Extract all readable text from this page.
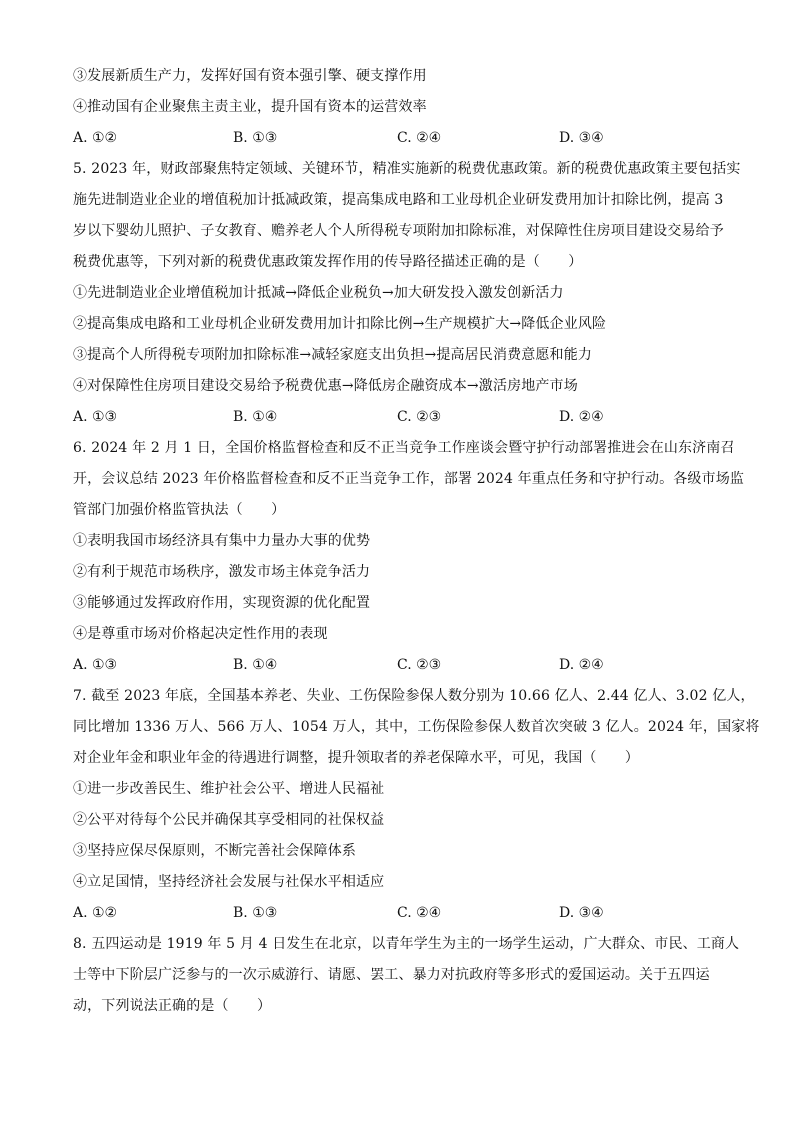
③发展新质生产力，发挥好国有资本强引擎、硬支撑作用
④推动国有企业聚焦主责主业，提升国有资本的运营效率
A. ①②	B. ①③	C. ②④	D. ③④
5. 2023 年，财政部聚焦特定领域、关键环节，精准实施新的税费优惠政策。新的税费优惠政策主要包括实
施先进制造业企业的增值税加计抵减政策，提高集成电路和工业母机企业研发费用加计扣除比例，提高 3
岁以下婴幼儿照护、子女教育、赡养老人个人所得税专项附加扣除标准，对保障性住房项目建设交易给予
税费优惠等，下列对新的税费优惠政策发挥作用的传导路径描述正确的是（　　）
①先进制造业企业增值税加计抵减→降低企业税负→加大研发投入激发创新活力
②提高集成电路和工业母机企业研发费用加计扣除比例→生产规模扩大→降低企业风险
③提高个人所得税专项附加扣除标准→减轻家庭支出负担→提高居民消费意愿和能力
④对保障性住房项目建设交易给予税费优惠→降低房企融资成本→激活房地产市场
A. ①③	B. ①④	C. ②③	D. ②④
6. 2024 年 2 月 1 日，全国价格监督检查和反不正当竞争工作座谈会暨守护行动部署推进会在山东济南召
开，会议总结 2023 年价格监督检查和反不正当竞争工作，部署 2024 年重点任务和守护行动。各级市场监
管部门加强价格监管执法（　　）
①表明我国市场经济具有集中力量办大事的优势
②有利于规范市场秩序，激发市场主体竞争活力
③能够通过发挥政府作用，实现资源的优化配置
④是尊重市场对价格起决定性作用的表现
A. ①③	B. ①④	C. ②③	D. ②④
7. 截至 2023 年底，全国基本养老、失业、工伤保险参保人数分别为 10.66 亿人、2.44 亿人、3.02 亿人，
同比增加 1336 万人、566 万人、1054 万人，其中，工伤保险参保人数首次突破 3 亿人。2024 年，国家将
对企业年金和职业年金的待遇进行调整，提升领取者的养老保障水平，可见，我国（　　）
①进一步改善民生、维护社会公平、增进人民福祉
②公平对待每个公民并确保其享受相同的社保权益
③坚持应保尽保原则，不断完善社会保障体系
④立足国情，坚持经济社会发展与社保水平相适应
A. ①②	B. ①③	C. ②④	D. ③④
8. 五四运动是 1919 年 5 月 4 日发生在北京，以青年学生为主的一场学生运动，广大群众、市民、工商人
士等中下阶层广泛参与的一次示威游行、请愿、罢工、暴力对抗政府等多形式的爱国运动。关于五四运
动，下列说法正确的是（　　）
